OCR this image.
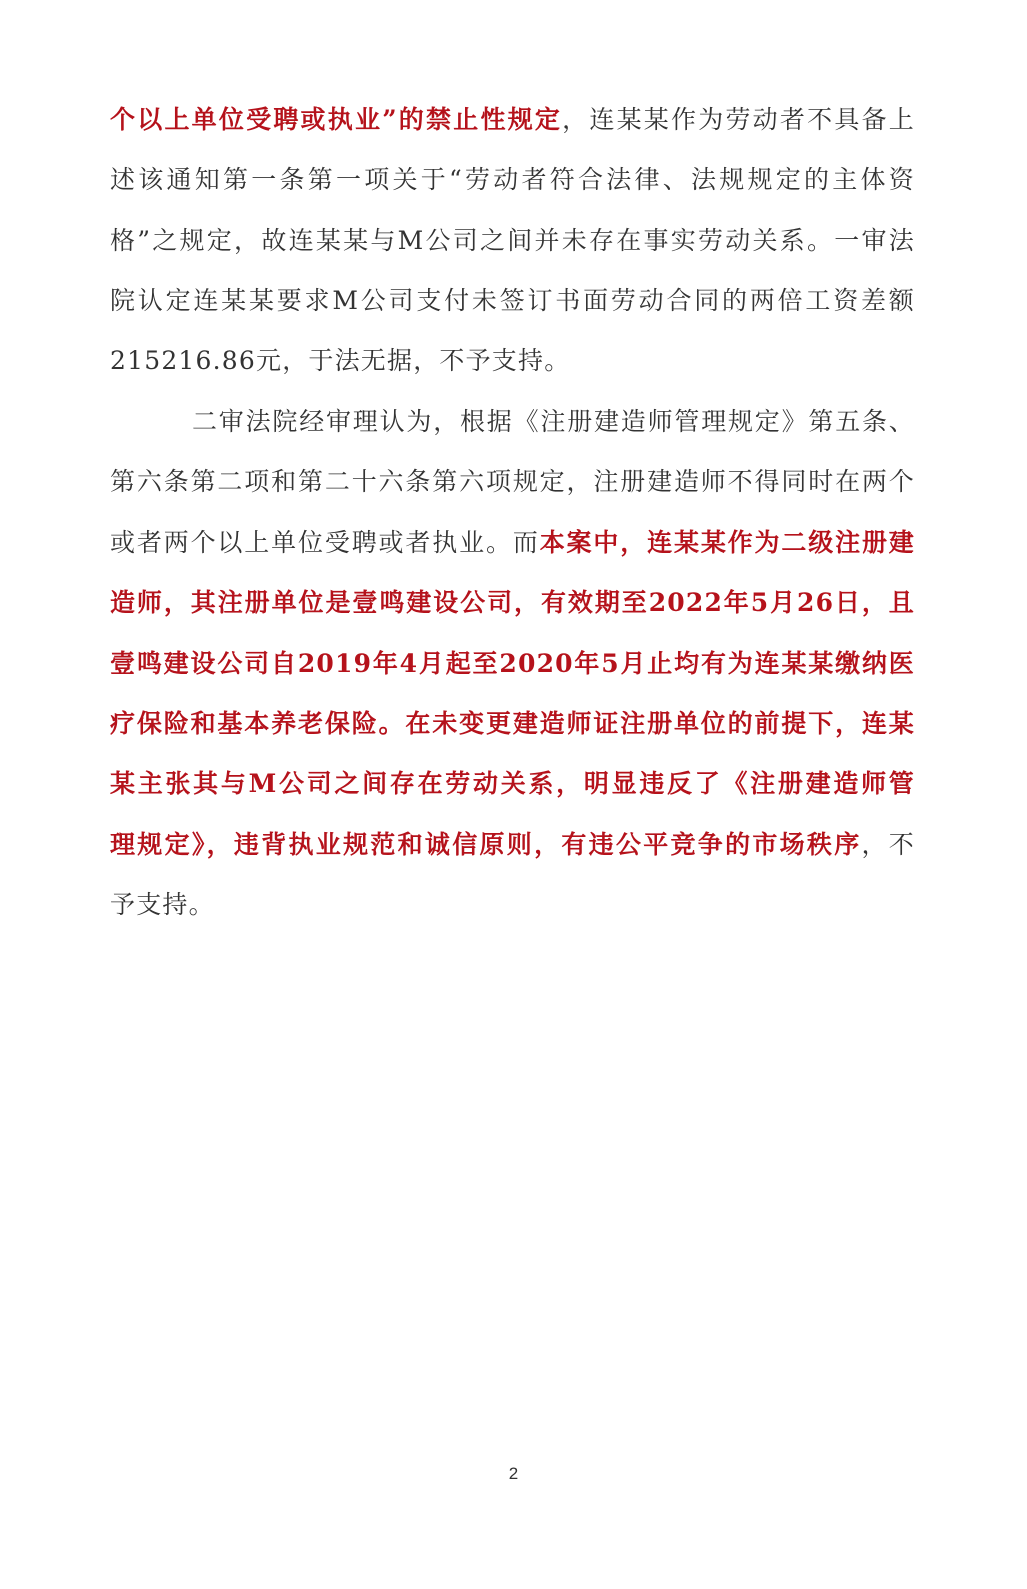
个以上单位受聘或执业”的禁止性规定，连某某作为劳动者不具备上
述该通知第一条第一项关于“劳动者符合法律、法规规定的主体资
格”之规定，故连某某与M公司之间并未存在事实劳动关系。一审法
院认定连某某要求M公司支付未签订书面劳动合同的两倍工资差额
215216.86元，于法无据，不予支持。
二审法院经审理认为，根据《注册建造师管理规定》第五条、
第六条第二项和第二十六条第六项规定，注册建造师不得同时在两个
或者两个以上单位受聘或者执业。而本案中，连某某作为二级注册建
造师，其注册单位是壹鸣建设公司，有效期至2022年5月26日，且
壹鸣建设公司自2019年4月起至2020年5月止均有为连某某缴纳医
疗保险和基本养老保险。在未变更建造师证注册单位的前提下，连某
某主张其与M公司之间存在劳动关系，明显违反了《注册建造师管
理规定》，违背执业规范和诚信原则，有违公平竞争的市场秩序，不
予支持。
2
